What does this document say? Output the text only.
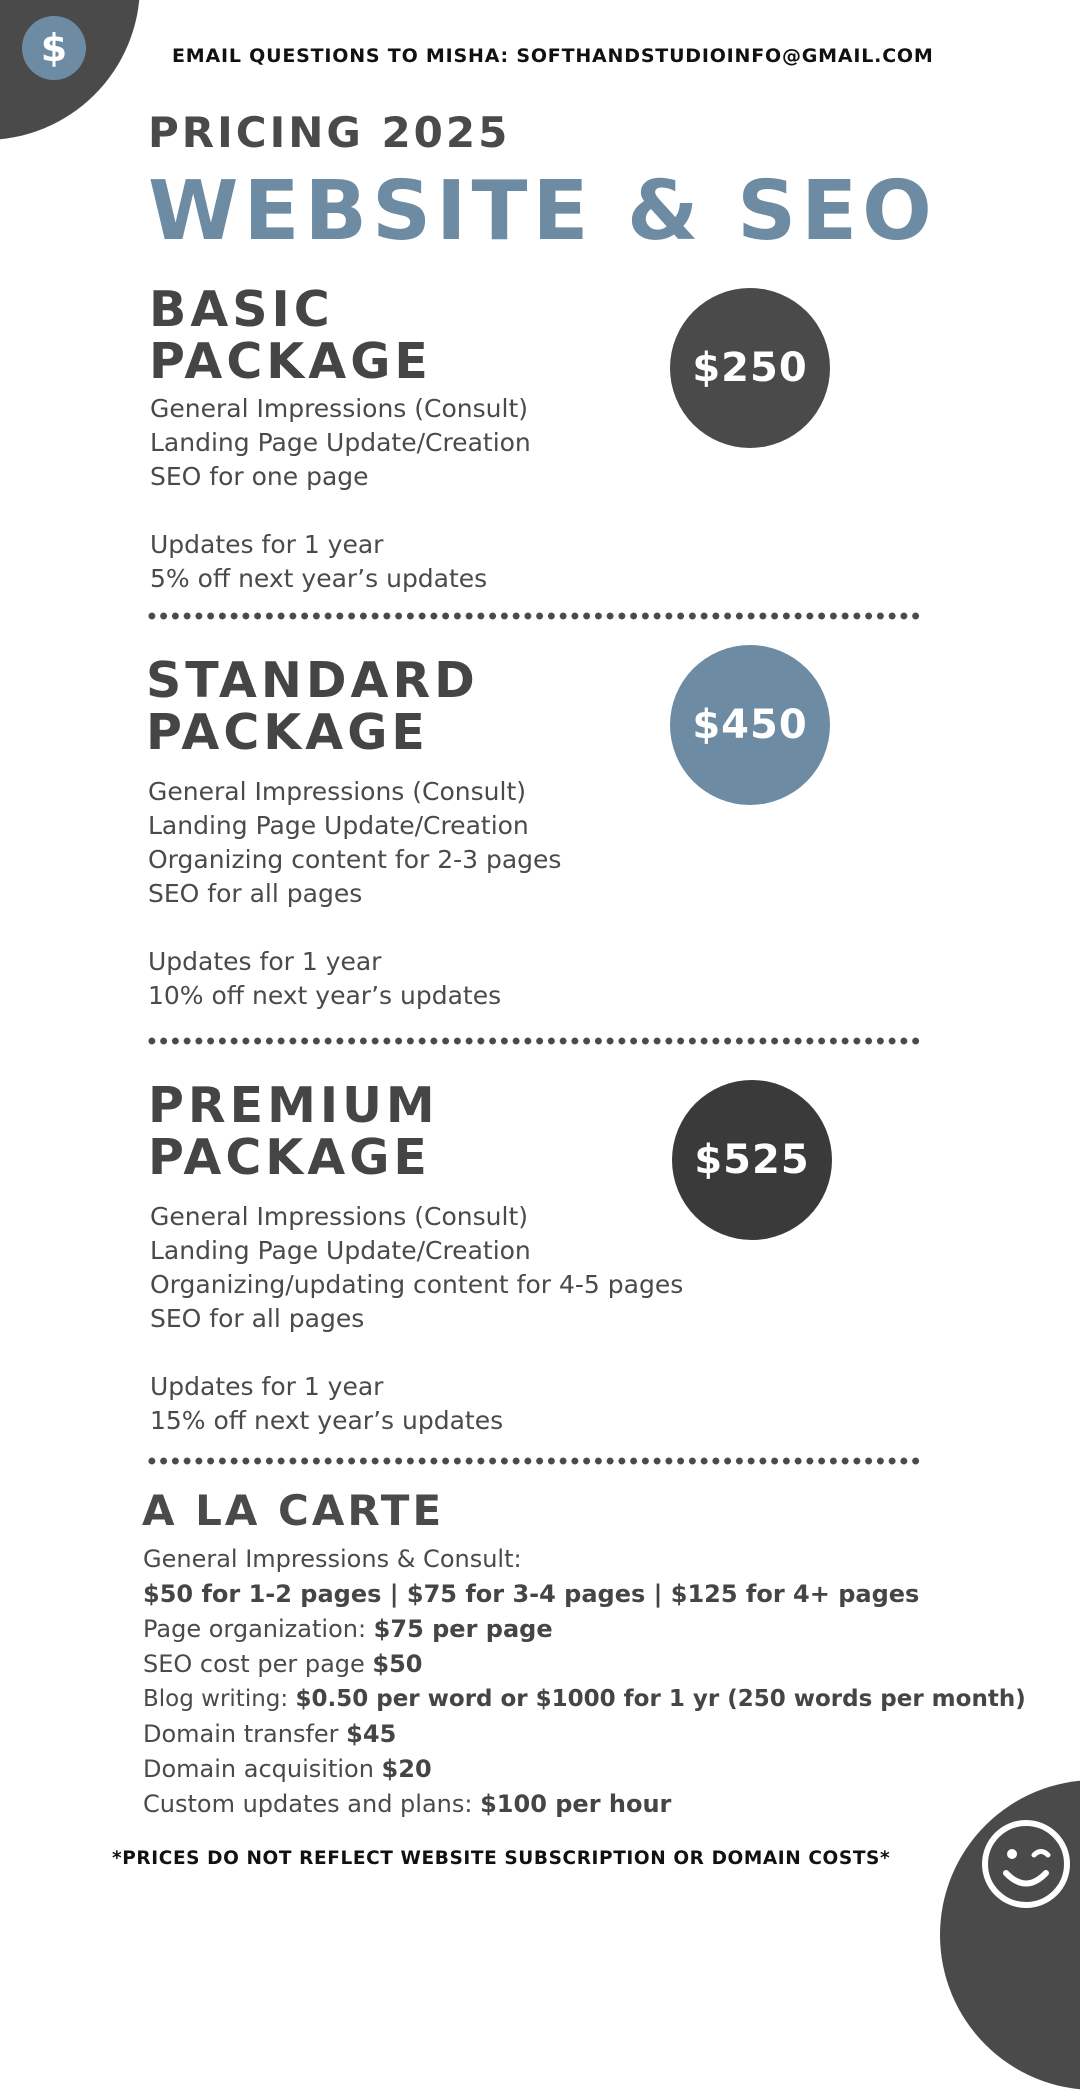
$	EMAIL QUESTIONS TO MISHA: SOFTHANDSTUDIOINFO@GMAIL.COM
PRICING 2025
WEBSITE & SEO
BASIC
PACKAGE	$250
General Impressions (Consult)
Landing Page Update/Creation
SEO for one page
Updates for 1 year
5% off next year’s updates
STANDARD
PACKAGE	$450
General Impressions (Consult)
Landing Page Update/Creation
Organizing content for 2-3 pages
SEO for all pages
Updates for 1 year
10% off next year’s updates
PREMIUM
PACKAGE	$525
General Impressions (Consult)
Landing Page Update/Creation
Organizing/updating content for 4-5 pages
SEO for all pages
Updates for 1 year
15% off next year’s updates
A LA CARTE
General Impressions & Consult:
$50 for 1-2 pages | $75 for 3-4 pages | $125 for 4+ pages
Page organization: $75 per page
SEO cost per page $50
Blog writing: $0.50 per word or $1000 for 1 yr (250 words per month)
Domain transfer $45
Domain acquisition $20
Custom updates and plans: $100 per hour
*PRICES DO NOT REFLECT WEBSITE SUBSCRIPTION OR DOMAIN COSTS*
